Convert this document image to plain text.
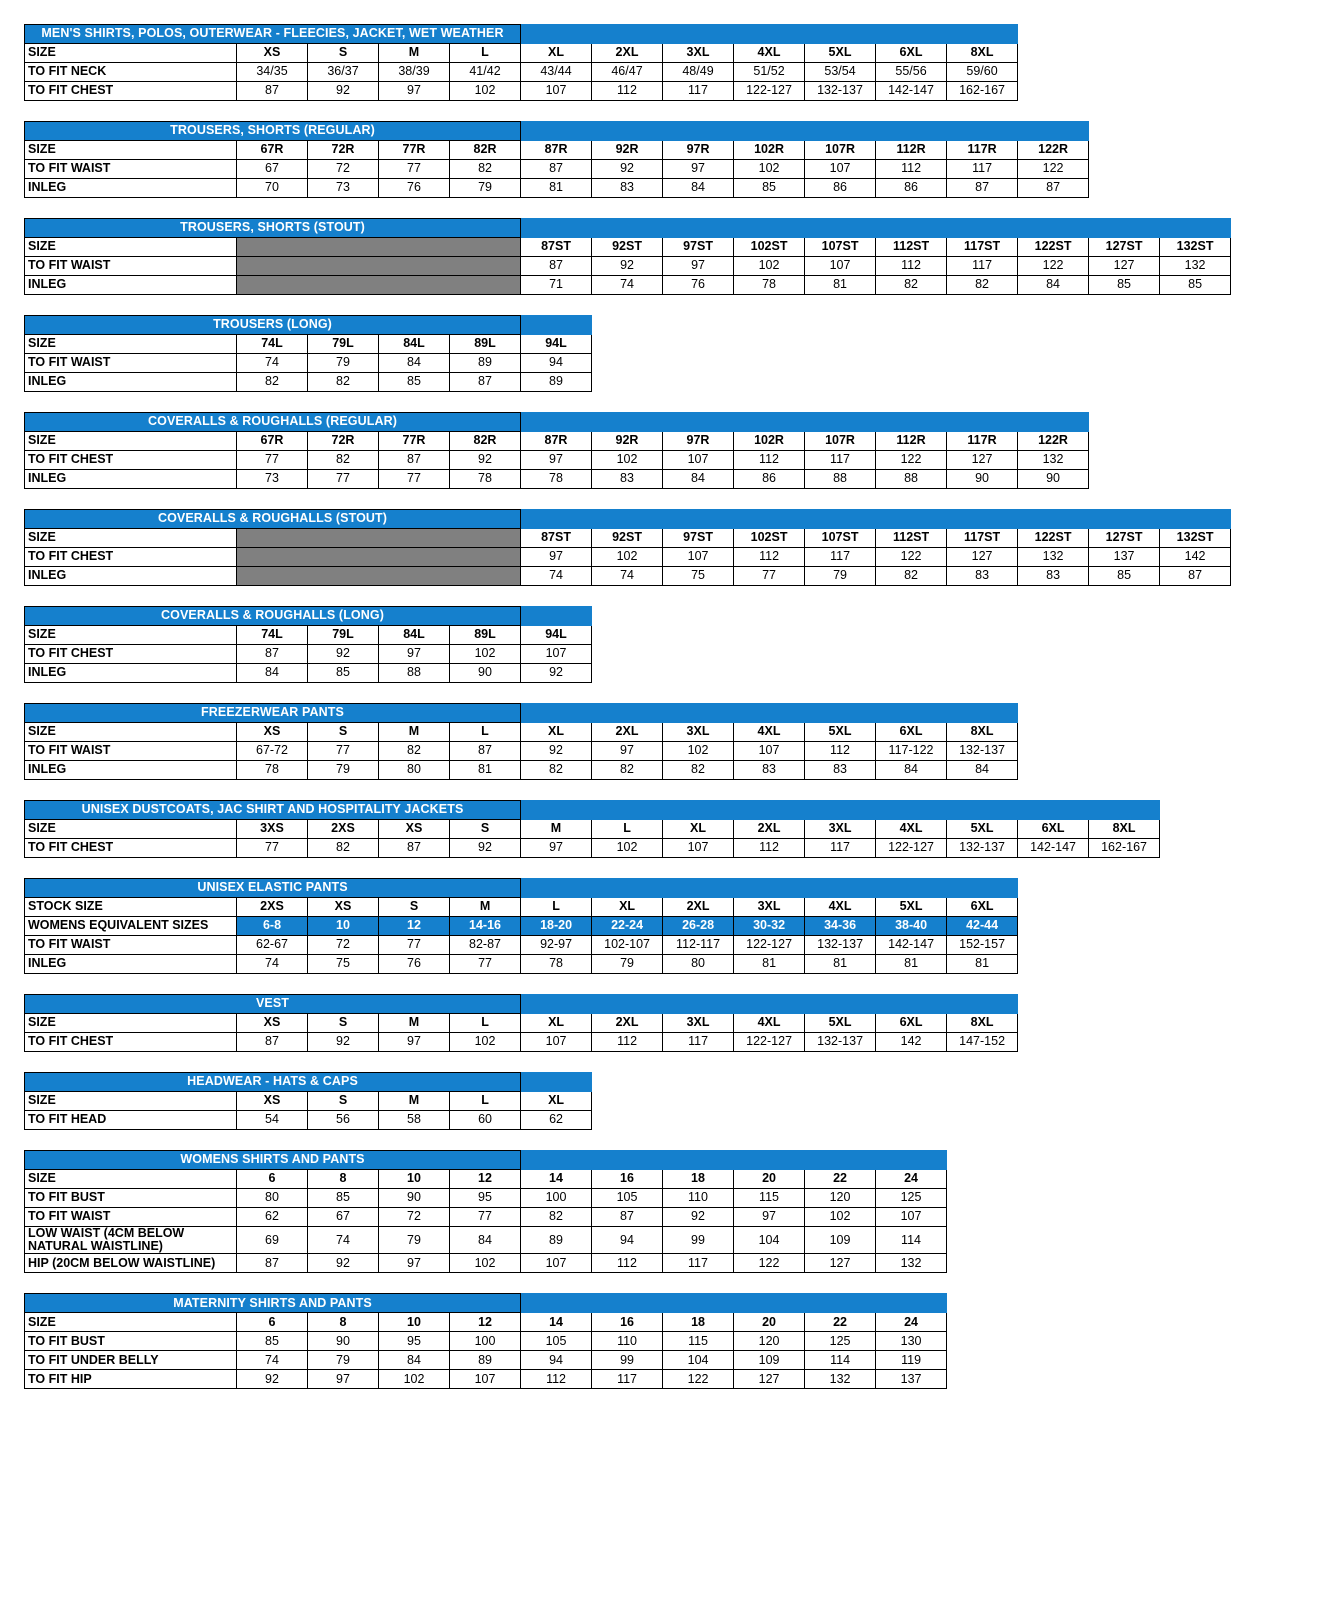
MEN'S SHIRTS, POLOS, OUTERWEAR - FLEECIES, JACKET, WET WEATHER											
SIZE	XS	S	M	L	XL	2XL	3XL	4XL	5XL	6XL	8XL
TO FIT NECK	34/35	36/37	38/39	41/42	43/44	46/47	48/49	51/52	53/54	55/56	59/60
TO FIT CHEST	87	92	97	102	107	112	117	122-127	132-137	142-147	162-167
TROUSERS, SHORTS (REGULAR)												
SIZE	67R	72R	77R	82R	87R	92R	97R	102R	107R	112R	117R	122R
TO FIT WAIST	67	72	77	82	87	92	97	102	107	112	117	122
INLEG	70	73	76	79	81	83	84	85	86	86	87	87
TROUSERS, SHORTS (STOUT)											
SIZE		87ST	92ST	97ST	102ST	107ST	112ST	117ST	122ST	127ST	132ST
TO FIT WAIST		87	92	97	102	107	112	117	122	127	132
INLEG		71	74	76	78	81	82	82	84	85	85
TROUSERS (LONG)					
SIZE	74L	79L	84L	89L	94L
TO FIT WAIST	74	79	84	89	94
INLEG	82	82	85	87	89
COVERALLS & ROUGHALLS (REGULAR)												
SIZE	67R	72R	77R	82R	87R	92R	97R	102R	107R	112R	117R	122R
TO FIT CHEST	77	82	87	92	97	102	107	112	117	122	127	132
INLEG	73	77	77	78	78	83	84	86	88	88	90	90
COVERALLS & ROUGHALLS (STOUT)											
SIZE		87ST	92ST	97ST	102ST	107ST	112ST	117ST	122ST	127ST	132ST
TO FIT CHEST		97	102	107	112	117	122	127	132	137	142
INLEG		74	74	75	77	79	82	83	83	85	87
COVERALLS & ROUGHALLS (LONG)					
SIZE	74L	79L	84L	89L	94L
TO FIT CHEST	87	92	97	102	107
INLEG	84	85	88	90	92
FREEZERWEAR PANTS											
SIZE	XS	S	M	L	XL	2XL	3XL	4XL	5XL	6XL	8XL
TO FIT WAIST	67-72	77	82	87	92	97	102	107	112	117-122	132-137
INLEG	78	79	80	81	82	82	82	83	83	84	84
UNISEX DUSTCOATS, JAC SHIRT AND HOSPITALITY JACKETS													
SIZE	3XS	2XS	XS	S	M	L	XL	2XL	3XL	4XL	5XL	6XL	8XL
TO FIT CHEST	77	82	87	92	97	102	107	112	117	122-127	132-137	142-147	162-167
UNISEX ELASTIC PANTS											
STOCK SIZE	2XS	XS	S	M	L	XL	2XL	3XL	4XL	5XL	6XL
WOMENS EQUIVALENT SIZES	6-8	10	12	14-16	18-20	22-24	26-28	30-32	34-36	38-40	42-44
TO FIT WAIST	62-67	72	77	82-87	92-97	102-107	112-117	122-127	132-137	142-147	152-157
INLEG	74	75	76	77	78	79	80	81	81	81	81
VEST											
SIZE	XS	S	M	L	XL	2XL	3XL	4XL	5XL	6XL	8XL
TO FIT CHEST	87	92	97	102	107	112	117	122-127	132-137	142	147-152
HEADWEAR - HATS & CAPS					
SIZE	XS	S	M	L	XL
TO FIT HEAD	54	56	58	60	62
WOMENS SHIRTS AND PANTS										
SIZE	6	8	10	12	14	16	18	20	22	24
TO FIT BUST	80	85	90	95	100	105	110	115	120	125
TO FIT WAIST	62	67	72	77	82	87	92	97	102	107
LOW WAIST (4CM BELOW NATURAL WAISTLINE)	69	74	79	84	89	94	99	104	109	114
HIP (20CM BELOW WAISTLINE)	87	92	97	102	107	112	117	122	127	132
MATERNITY SHIRTS AND PANTS										
SIZE	6	8	10	12	14	16	18	20	22	24
TO FIT BUST	85	90	95	100	105	110	115	120	125	130
TO FIT UNDER BELLY	74	79	84	89	94	99	104	109	114	119
TO FIT HIP	92	97	102	107	112	117	122	127	132	137
